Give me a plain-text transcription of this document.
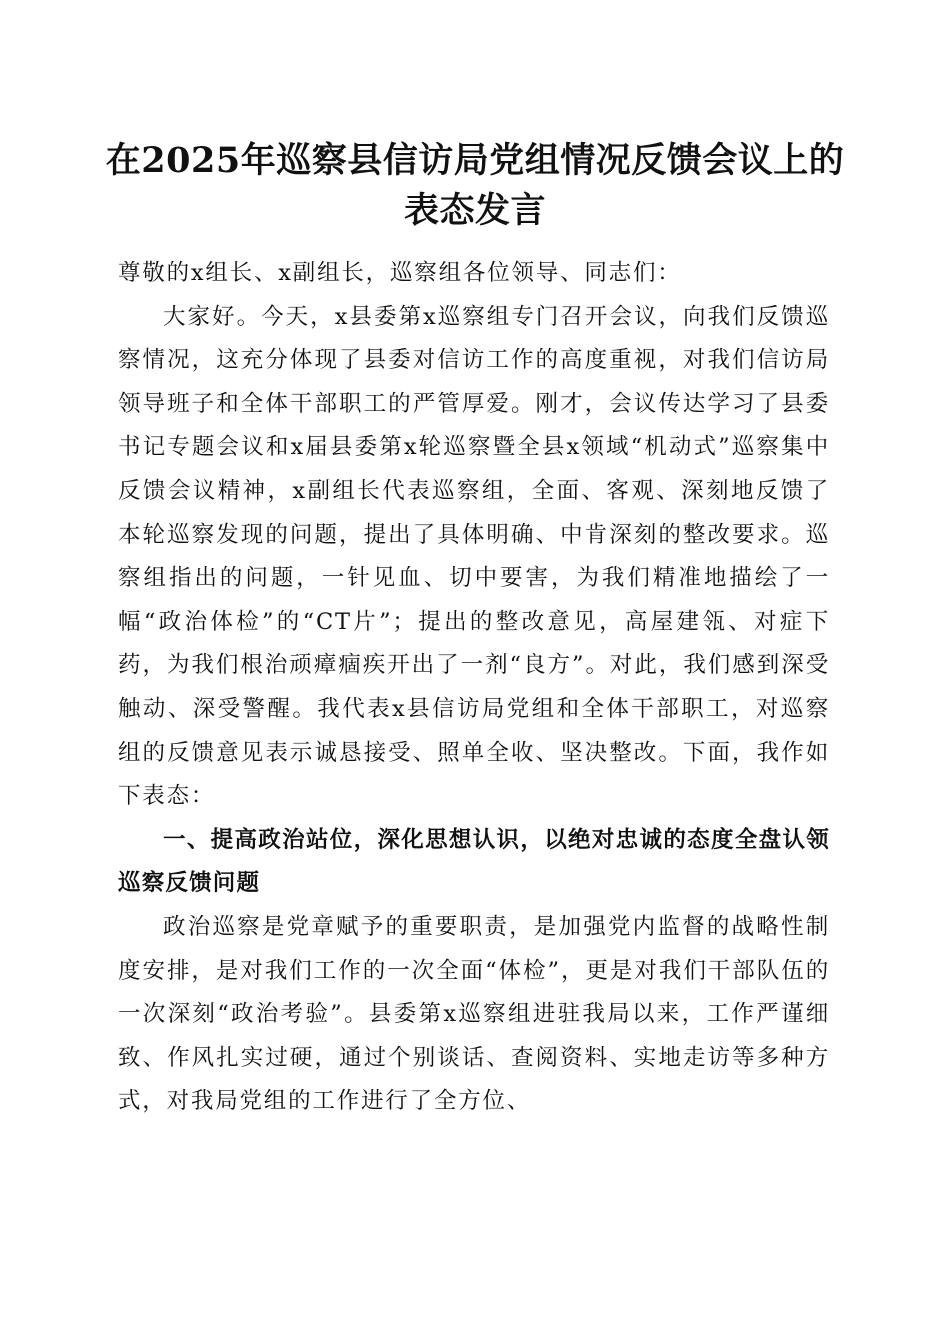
在2025年巡察县信访局党组情况反馈会议上的表态发言

尊敬的x组长、x副组长，巡察组各位领导、同志们：

大家好。今天，x县委第x巡察组专门召开会议，向我们反馈巡察情况，这充分体现了县委对信访工作的高度重视，对我们信访局领导班子和全体干部职工的严管厚爱。刚才，会议传达学习了县委书记专题会议和x届县委第x轮巡察暨全县x领域“机动式”巡察集中反馈会议精神，x副组长代表巡察组，全面、客观、深刻地反馈了本轮巡察发现的问题，提出了具体明确、中肯深刻的整改要求。巡察组指出的问题，一针见血、切中要害，为我们精准地描绘了一幅“政治体检”的“CT片”；提出的整改意见，高屋建瓴、对症下药，为我们根治顽瘴痼疾开出了一剂“良方”。对此，我们感到深受触动、深受警醒。我代表x县信访局党组和全体干部职工，对巡察组的反馈意见表示诚恳接受、照单全收、坚决整改。下面，我作如下表态：

一、提高政治站位，深化思想认识，以绝对忠诚的态度全盘认领巡察反馈问题

政治巡察是党章赋予的重要职责，是加强党内监督的战略性制度安排，是对我们工作的一次全面“体检”，更是对我们干部队伍的一次深刻“政治考验”。县委第x巡察组进驻我局以来，工作严谨细致、作风扎实过硬，通过个别谈话、查阅资料、实地走访等多种方式，对我局党组的工作进行了全方位、
